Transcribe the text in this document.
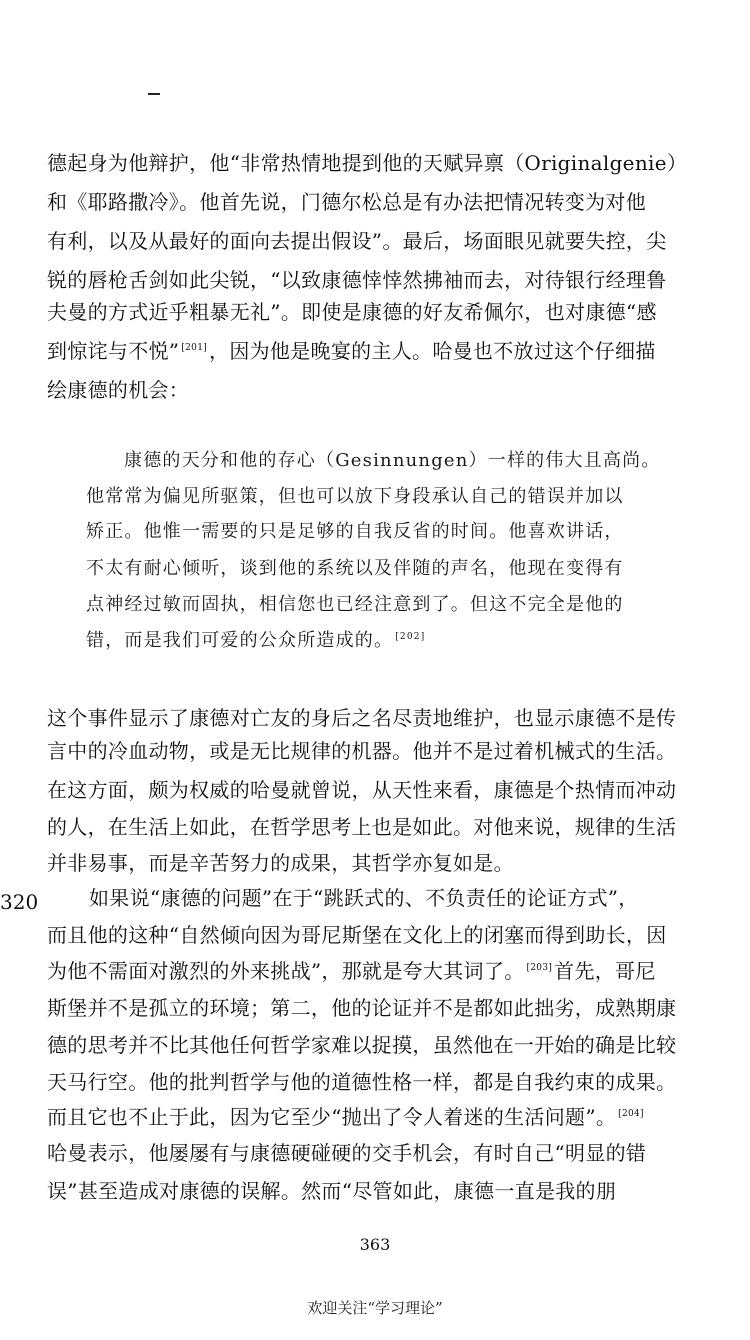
德起身为他辩护，他“非常热情地提到他的天赋异禀（Originalgenie）
和《耶路撒冷》。他首先说，门德尔松总是有办法把情况转变为对他
有利，以及从最好的面向去提出假设”。最后，场面眼见就要失控，尖
锐的唇枪舌剑如此尖锐，“以致康德悻悻然拂袖而去，对待银行经理鲁
夫曼的方式近乎粗暴无礼”。即使是康德的好友希佩尔，也对康德“感
到惊诧与不悦” [201] ，因为他是晚宴的主人。哈曼也不放过这个仔细描
绘康德的机会：
康德的天分和他的存心（Gesinnungen）一样的伟大且高尚。
他常常为偏见所驱策，但也可以放下身段承认自己的错误并加以
矫正。他惟一需要的只是足够的自我反省的时间。他喜欢讲话，
不太有耐心倾听，谈到他的系统以及伴随的声名，他现在变得有
点神经过敏而固执，相信您也已经注意到了。但这不完全是他的
错，而是我们可爱的公众所造成的。 [202]
这个事件显示了康德对亡友的身后之名尽责地维护，也显示康德不是传
言中的冷血动物，或是无比规律的机器。他并不是过着机械式的生活。
在这方面，颇为权威的哈曼就曾说，从天性来看，康德是个热情而冲动
的人，在生活上如此，在哲学思考上也是如此。对他来说，规律的生活
并非易事，而是辛苦努力的成果，其哲学亦复如是。
320	如果说“康德的问题”在于“跳跃式的、不负责任的论证方式”，
而且他的这种“自然倾向因为哥尼斯堡在文化上的闭塞而得到助长，因
为他不需面对激烈的外来挑战”，那就是夸大其词了。 [203] 首先，哥尼
斯堡并不是孤立的环境；第二，他的论证并不是都如此拙劣，成熟期康
德的思考并不比其他任何哲学家难以捉摸，虽然他在一开始的确是比较
天马行空。他的批判哲学与他的道德性格一样，都是自我约束的成果。
而且它也不止于此，因为它至少“抛出了令人着迷的生活问题”。 [204]
哈曼表示，他屡屡有与康德硬碰硬的交手机会，有时自己“明显的错
误”甚至造成对康德的误解。然而“尽管如此，康德一直是我的朋
363
欢迎关注“学习理论”
